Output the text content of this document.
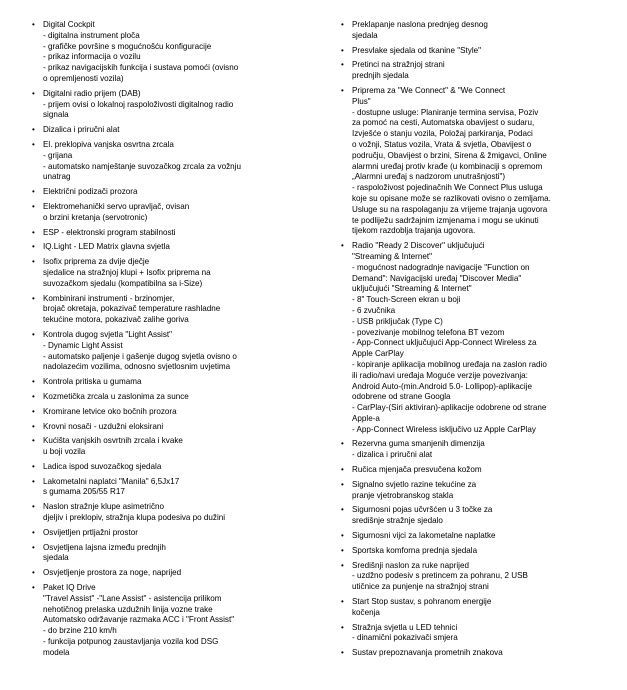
• Digital Cockpit
- digitalna instrument ploča
- grafičke površine s mogućnošću konfiguracije
- prikaz informacija o vozilu
- prikaz navigacijskih funkcija i sustava pomoći (ovisno
o opremljenosti vozila)
• Digitalni radio prijem (DAB)
- prijem ovisi o lokalnoj raspoloživosti digitalnog radio
signala
• Dizalica i priručni alat
• El. preklopiva vanjska osvrtna zrcala
- grijana
- automatsko namještanje suvozačkog zrcala za vožnju
unatrag
• Električni podizači prozora
• Elektromehanički servo upravljač, ovisan
o brzini kretanja (servotronic)
• ESP - elektronski program stabilnosti
• IQ.Light - LED Matrix glavna svjetla
• Isofix priprema za dvije dječje
sjedalice na stražnjoj klupi + Isofix priprema na
suvozačkom sjedalu (kompatibilna sa i-Size)
• Kombinirani instrumenti - brzinomjer,
brojač okretaja, pokazivač temperature rashladne
tekućine motora, pokazivač zalihe goriva
• Kontrola dugog svjetla "Light Assist"
- Dynamic Light Assist
- automatsko paljenje i gašenje dugog svjetla ovisno o
nadolazećim vozilima, odnosno svjetlosnim uvjetima
• Kontrola pritiska u gumama
• Kozmetička zrcala u zaslonima za sunce
• Kromirane letvice oko bočnih prozora
• Krovni nosači - uzdužni eloksirani
• Kućišta vanjskih osvrtnih zrcala i kvake
u boji vozila
• Ladica ispod suvozačkog sjedala
• Lakometalni naplatci "Manila" 6,5Jx17
s gumama 205/55 R17
• Naslon stražnje klupe asimetrično
djeljiv i preklopiv, stražnja klupa podesiva po dužini
• Osvijetljen prtljažni prostor
• Osvjetljena lajsna između prednjih
sjedala
• Osvjetljenje prostora za noge, naprijed
• Paket IQ Drive
"Travel Assist" -"Lane Assist" - asistencija prilikom
nehotičnog prelaska uzdužnih linija vozne trake
Automatsko održavanje razmaka ACC i "Front Assist"
- do brzine 210 km/h
- funkcija potpunog zaustavljanja vozila kod DSG
modela
• Preklapanje naslona prednjeg desnog
sjedala
• Presvlake sjedala od tkanine "Style"
• Pretinci na stražnjoj strani
prednjih sjedala
• Priprema za "We Connect" & "We Connect
Plus"
- dostupne usluge: Planiranje termina servisa, Poziv
za pomoć na cesti, Automatska obavijest o sudaru,
Izvješće o stanju vozila, Položaj parkiranja, Podaci
o vožnji, Status vozila, Vrata & svjetla, Obavijest o
području, Obavijest o brzini, Sirena & žmigavci, Online
alarmni uređaj protiv krađe (u kombinaciji s opremom
„Alarmni uređaj s nadzorom unutrašnjosti")
- raspoloživost pojedinačnih We Connect Plus usluga
koje su opisane može se razlikovati ovisno o zemljama.
Usluge su na raspolaganju za vrijeme trajanja ugovora
te podliježu sadržajnim izmjenama i mogu se ukinuti
tijekom razdoblja trajanja ugovora.
• Radio "Ready 2 Discover" uključujući
"Streaming & Internet"
- mogućnost nadogradnje navigacije "Function on
Demand": Navigacijski uređaj "Discover Media"
uključujući "Streaming & Internet"
- 8" Touch-Screen ekran u boji
- 6 zvučnika
- USB priključak (Type C)
- povezivanje mobilnog telefona BT vezom
- App-Connect uključujući App-Connect Wireless za
Apple CarPlay
- kopiranje aplikacija mobilnog uređaja na zaslon radio
ili radio/navi uređaja Moguće verzije povezivanja:
Android Auto-(min.Android 5.0- Lollipop)-aplikacije
odobrene od strane Googla
- CarPlay-(Siri aktiviran)-aplikacije odobrene od strane
Apple-a
- App-Connect Wireless isključivo uz Apple CarPlay
• Rezervna guma smanjenih dimenzija
- dizalica i priručni alat
• Ručica mjenjača presvučena kožom
• Signalno svjetlo razine tekućine za
pranje vjetrobranskog stakla
• Sigurnosni pojas učvršćen u 3 točke za
središnje stražnje sjedalo
• Sigurnosni vijci za lakometalne naplatke
• Sportska komforna prednja sjedala
• Središnji naslon za ruke naprijed
- uzdžno podesiv s pretincem za pohranu, 2 USB
utičnice za punjenje na stražnjoj strani
• Start Stop sustav, s pohranom energije
kočenja
• Stražnja svjetla u LED tehnici
- dinamični pokazivači smjera
• Sustav prepoznavanja prometnih znakova
